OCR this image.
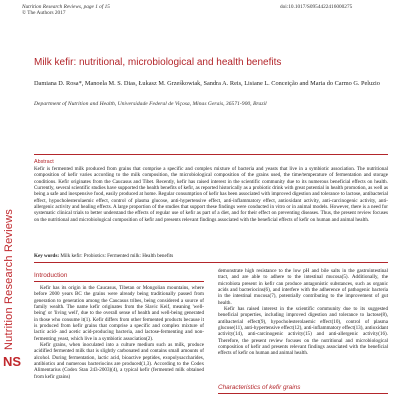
Nutrition Research Reviews, page 1 of 15
© The Authors 2017
doi:10.1017/S0954422416000275
Nutrition Research Reviews
NS
Milk kefir: nutritional, microbiological and health benefits
Damiana D. Rosa*, Manoela M. S. Dias, Łukasz M. Grześkowiak, Sandra A. Reis, Lisiane L. Conceição and Maria do Carmo G. Peluzio
Department of Nutrition and Health, Universidade Federal de Viçosa, Minas Gerais, 36571-900, Brazil
Abstract
Kefir is fermented milk produced from grains that comprise a specific and complex mixture of bacteria and yeasts that live in a symbiotic association. The nutritional composition of kefir varies according to the milk composition, the microbiological composition of the grains used, the time/temperature of fermentation and storage conditions. Kefir originates from the Caucasus and Tibet. Recently, kefir has raised interest in the scientific community due to its numerous beneficial effects on health. Currently, several scientific studies have supported the health benefits of kefir, as reported historically as a probiotic drink with great potential in health promotion, as well as being a safe and inexpensive food, easily produced at home. Regular consumption of kefir has been associated with improved digestion and tolerance to lactose, antibacterial effect, hypocholesterolaemic effect, control of plasma glucose, anti-hypertensive effect, anti-inflammatory effect, antioxidant activity, anti-carcinogenic activity, anti-allergenic activity and healing effects. A large proportion of the studies that support these findings were conducted in vitro or in animal models. However, there is a need for systematic clinical trials to better understand the effects of regular use of kefir as part of a diet, and for their effect on preventing diseases. Thus, the present review focuses on the nutritional and microbiological composition of kefir and presents relevant findings associated with the beneficial effects of kefir on human and animal health.
Key words: Milk kefir: Probiotics: Fermented milk: Health benefits
Introduction

Kefir has its origin in the Caucasus, Tibetan or Mongolian mountains, where before 2000 years BC the grains were already being traditionally passed from generation to generation among the Caucasus tribes, being considered a source of family wealth. The name kefir originates from the Slavic Keif, meaning 'well-being' or 'living well', due to the overall sense of health and well-being generated in those who consume it(1). Kefir differs from other fermented products because it is produced from kefir grains that comprise a specific and complex mixture of lactic acid- and acetic acid-producing bacteria, and lactose-fermenting and non-fermenting yeast, which live in a symbiotic association(2).

Kefir grains, when inoculated into a culture medium such as milk, produce acidified fermented milk that is slightly carbonated and contains small amounts of alcohol. During fermentation, lactic acid, bioactive peptides, exopolysaccharides, antibiotics and numerous bacteriocins are produced(1,3). According to the Codex Alimentarius (Codex Stan 243-2003)(4), a typical kefir (fermented milk obtained from kefir grains)

demonstrate high resistance to the low pH and bile salts in the gastrointestinal tract, and are able to adhere to the intestinal mucosa(5). Additionally, the microbiota present in kefir can produce antagonistic substances, such as organic acids and bacteriocins(6), and interfere with the adherence of pathogenic bacteria in the intestinal mucosa(7), potentially contributing to the improvement of gut health.

Kefir has raised interest in the scientific community due to its suggested beneficial properties, including improved digestion and tolerance to lactose(8), antibacterial effect(9), hypocholesterolaemic effect(10), control of plasma glucose(11), anti-hypertensive effect(12), anti-inflammatory effect(13), antioxidant activity(14), anti-carcinogenic activity(15) and anti-allergenic activity(16). Therefore, the present review focuses on the nutritional and microbiological composition of kefir and presents relevant findings associated with the beneficial effects of kefir on human and animal health.

Characteristics of kefir grains
